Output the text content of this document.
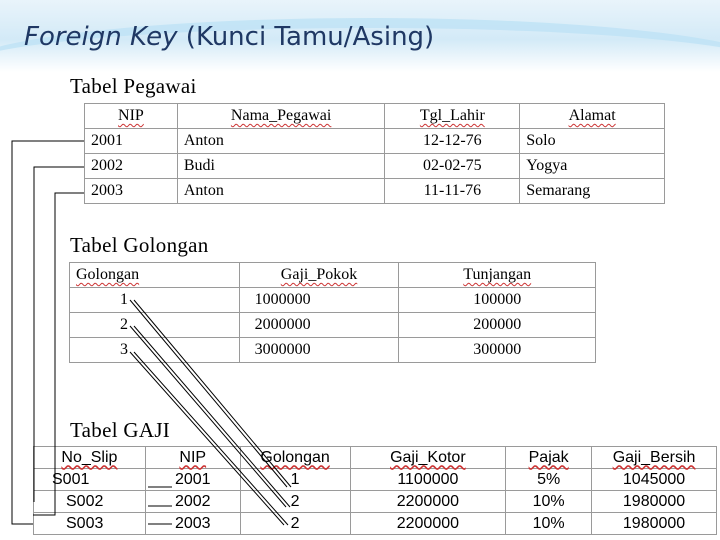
Foreign Key (Kunci Tamu/Asing)
Tabel Pegawai
NIP	Nama_Pegawai	Tgl_Lahir	Alamat
2001	Anton	12-12-76	Solo
2002	Budi	02-02-75	Yogya
2003	Anton	11-11-76	Semarang
Tabel Golongan
Golongan	Gaji_Pokok	Tunjangan
1	1000000	100000
2	2000000	200000
3	3000000	300000
Tabel GAJI
No_Slip	NIP	Golongan	Gaji_Kotor	Pajak	Gaji_Bersih
S001	2001	1	1100000	5%	1045000
S002	2002	2	2200000	10%	1980000
S003	2003	2	2200000	10%	1980000
